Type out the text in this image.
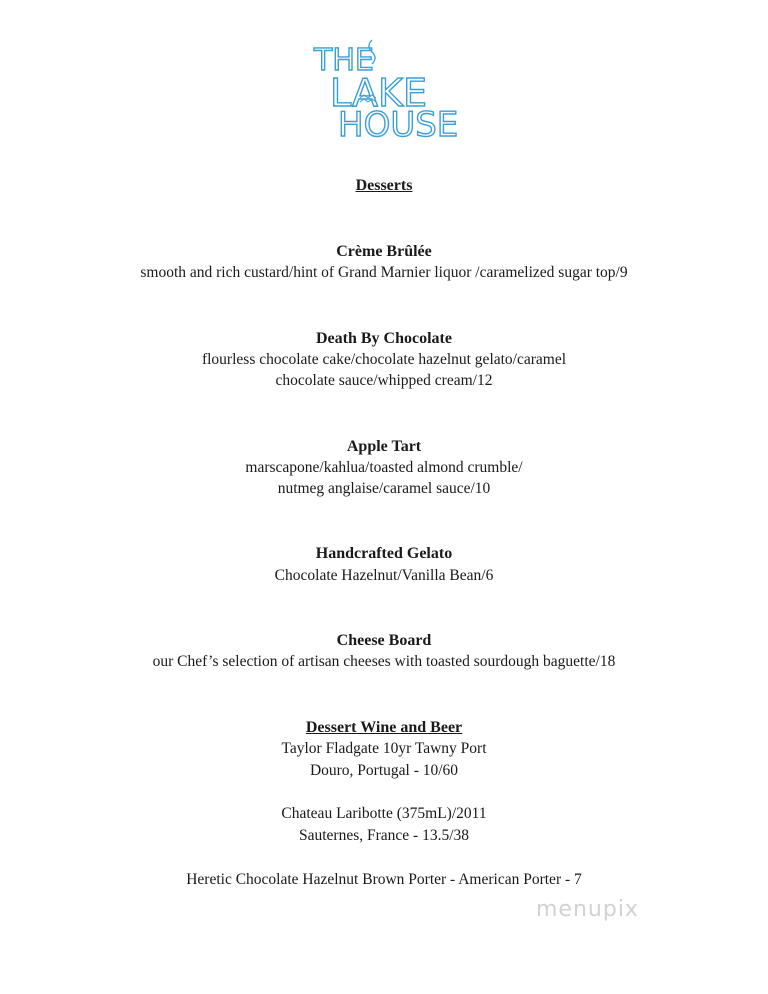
THE
LAKE
HOUSE
Desserts
Crème Brûlée
smooth and rich custard/hint of Grand Marnier liquor /caramelized sugar top/9
Death By Chocolate
flourless chocolate cake/chocolate hazelnut gelato/caramel
chocolate sauce/whipped cream/12
Apple Tart
marscapone/kahlua/toasted almond crumble/
nutmeg anglaise/caramel sauce/10
Handcrafted Gelato
Chocolate Hazelnut/Vanilla Bean/6
Cheese Board
our Chef’s selection of artisan cheeses with toasted sourdough baguette/18
Dessert Wine and Beer
Taylor Fladgate 10yr Tawny Port
Douro, Portugal - 10/60
Chateau Laribotte (375mL)/2011
Sauternes, France - 13.5/38
Heretic Chocolate Hazelnut Brown Porter - American Porter - 7
menupix
